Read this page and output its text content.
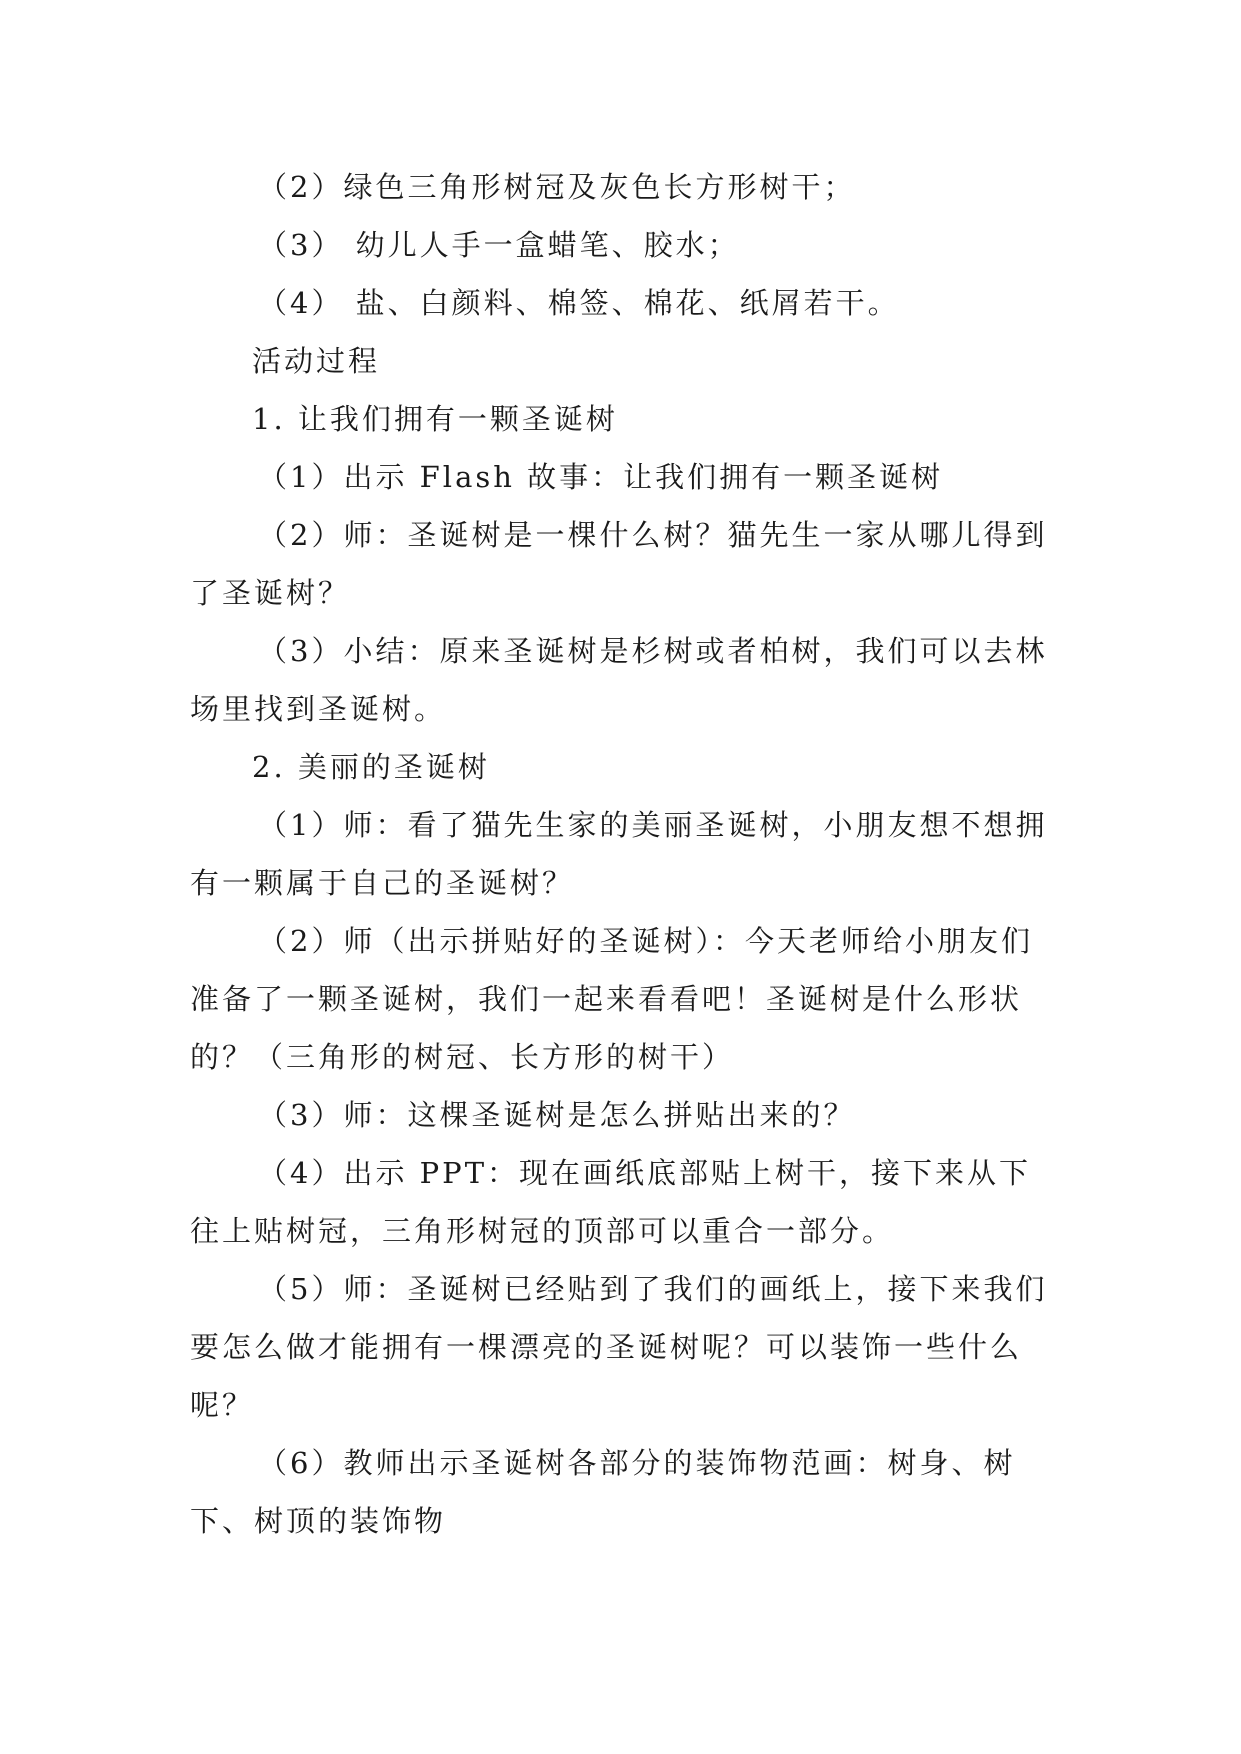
（2）绿色三角形树冠及灰色长方形树干；

（3） 幼儿人手一盒蜡笔、胶水；

（4） 盐、白颜料、棉签、棉花、纸屑若干。

活动过程

1. 让我们拥有一颗圣诞树

（1）出示 Flash 故事：让我们拥有一颗圣诞树

（2）师：圣诞树是一棵什么树？猫先生一家从哪儿得到了圣诞树？

（3）小结：原来圣诞树是杉树或者柏树，我们可以去林场里找到圣诞树。

2. 美丽的圣诞树

（1）师：看了猫先生家的美丽圣诞树，小朋友想不想拥有一颗属于自己的圣诞树？

（2）师（出示拼贴好的圣诞树）：今天老师给小朋友们准备了一颗圣诞树，我们一起来看看吧！圣诞树是什么形状的？（三角形的树冠、长方形的树干）

（3）师：这棵圣诞树是怎么拼贴出来的？

（4）出示 PPT：现在画纸底部贴上树干，接下来从下往上贴树冠，三角形树冠的顶部可以重合一部分。

（5）师：圣诞树已经贴到了我们的画纸上，接下来我们要怎么做才能拥有一棵漂亮的圣诞树呢？可以装饰一些什么呢？

（6）教师出示圣诞树各部分的装饰物范画：树身、树下、树顶的装饰物
